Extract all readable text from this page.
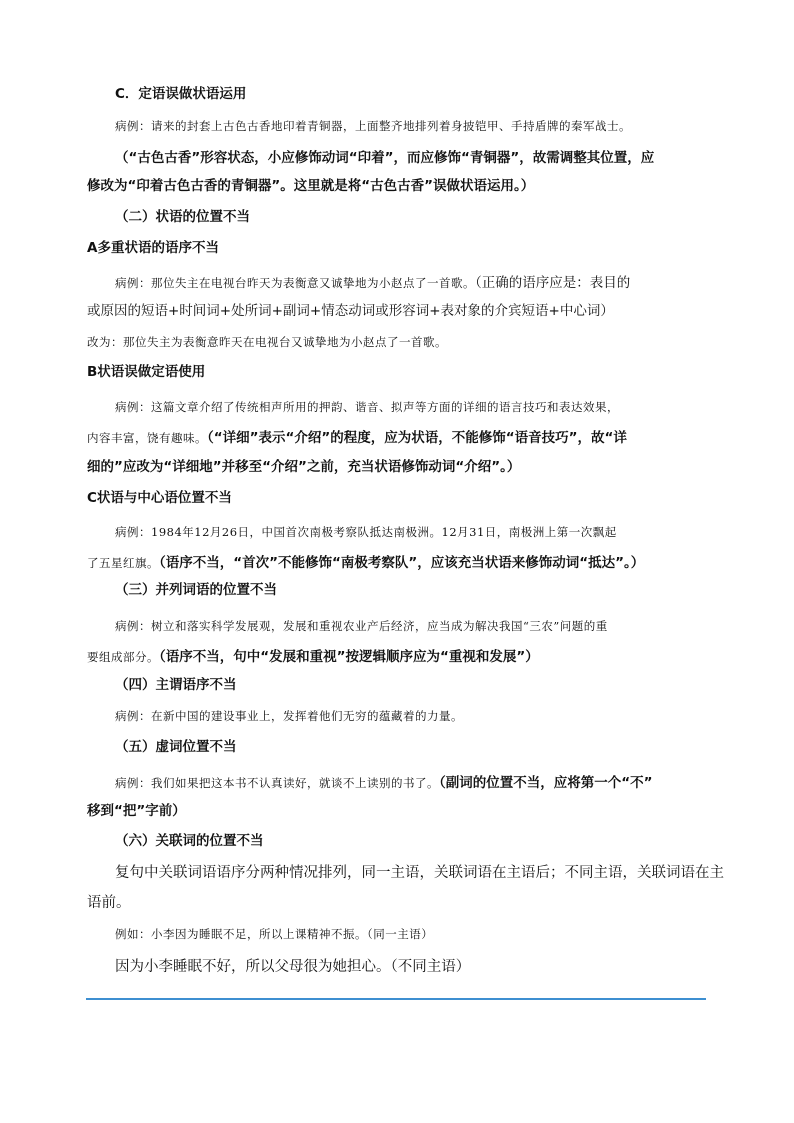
C．定语误做状语运用
病例：请来的封套上古色古香地印着青铜器，上面整齐地排列着身披铠甲、手持盾牌的秦军战士。
（“古色古香”形容状态，小应修饰动词“印着”，而应修饰“青铜器”，故需调整其位置，应
修改为“印着古色古香的青铜器”。这里就是将“古色古香”误做状语运用。）
（二）状语的位置不当
A多重状语的语序不当
病例：那位失主在电视台昨天为表衡意又诚挚地为小赵点了一首歌。（正确的语序应是：表目的
或原因的短语+时间词+处所词+副词+情态动词或形容词+表对象的介宾短语+中心词）
改为：那位失主为表衡意昨天在电视台又诚挚地为小赵点了一首歌。
B状语误做定语使用
病例：这篇文章介绍了传统相声所用的押韵、谐音、拟声等方面的详细的语言技巧和表达效果，
内容丰富，饶有趣味。（“详细”表示“介绍”的程度，应为状语，不能修饰“语音技巧”，故“详
细的”应改为“详细地”并移至“介绍”之前，充当状语修饰动词“介绍”。）
C状语与中心语位置不当
病例：1984年12月26日，中国首次南极考察队抵达南极洲。12月31日，南极洲上第一次飘起
了五星红旗。（语序不当，“首次”不能修饰“南极考察队”，应该充当状语来修饰动词“抵达”。）
（三）并列词语的位置不当
病例：树立和落实科学发展观，发展和重视农业产后经济，应当成为解决我国“三农”问题的重
要组成部分。（语序不当，句中“发展和重视”按逻辑顺序应为“重视和发展”）
（四）主谓语序不当
病例：在新中国的建设事业上，发挥着他们无穷的蕴藏着的力量。
（五）虚词位置不当
病例：我们如果把这本书不认真读好，就谈不上读别的书了。（副词的位置不当，应将第一个“不”
移到“把”字前）
（六）关联词的位置不当
复句中关联词语语序分两种情况排列，同一主语，关联词语在主语后；不同主语，关联词语在主
语前。
例如：小李因为睡眠不足，所以上课精神不振。（同一主语）
因为小李睡眠不好，所以父母很为她担心。（不同主语）
